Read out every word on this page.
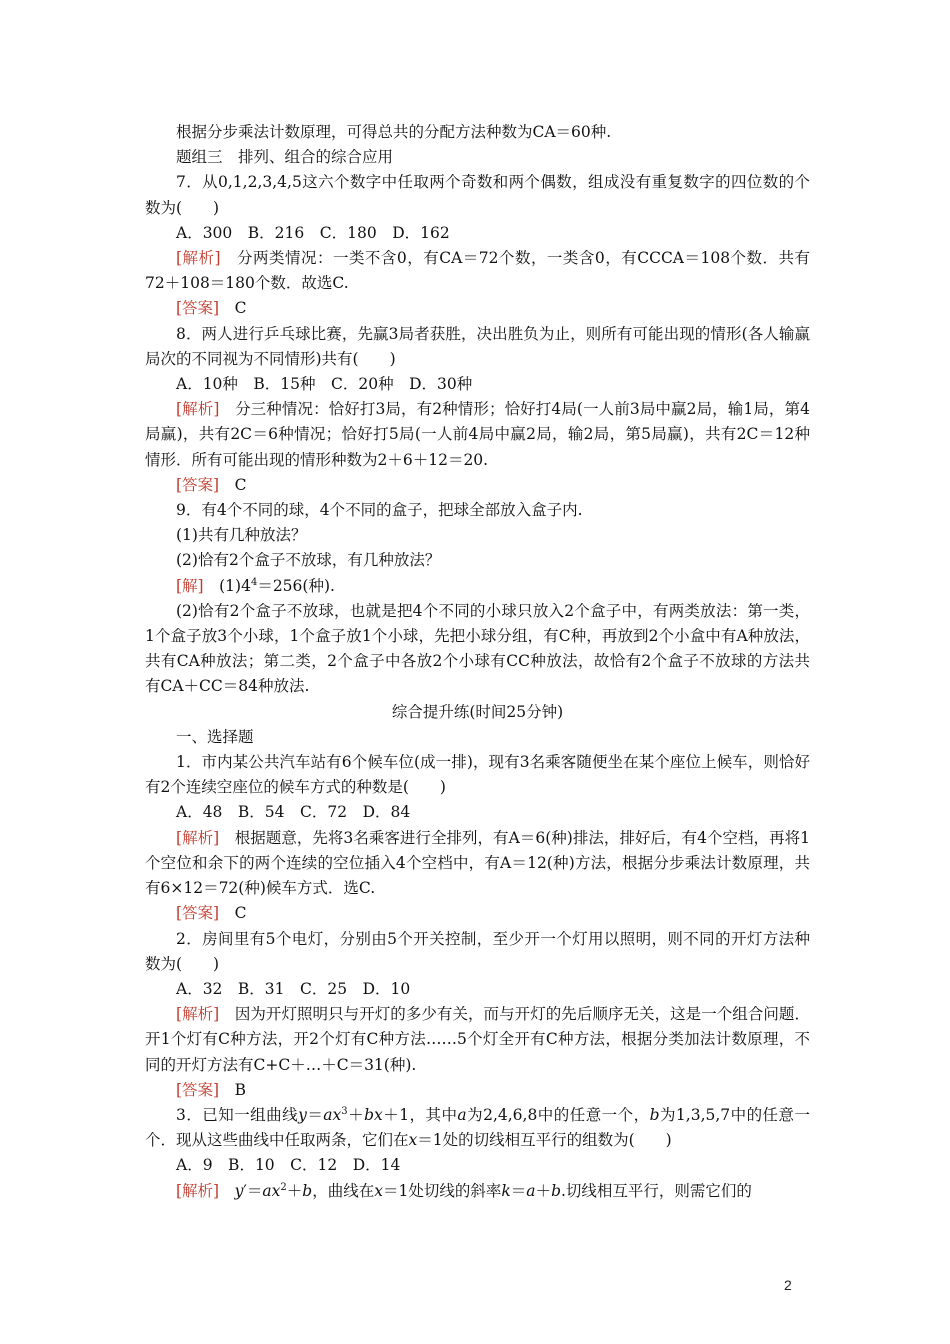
根据分步乘法计数原理，可得总共的分配方法种数为CA＝60种.

题组三　排列、组合的综合应用

7．从0,1,2,3,4,5这六个数字中任取两个奇数和两个偶数，组成没有重复数字的四位数的个数为(　　)

A．300　B．216　C．180　D．162

[解析]　分两类情况：一类不含0，有CA＝72个数，一类含0，有CCCA＝108个数．共有72＋108＝180个数．故选C.

[答案]　C

8．两人进行乒乓球比赛，先赢3局者获胜，决出胜负为止，则所有可能出现的情形(各人输赢局次的不同视为不同情形)共有(　　)

A．10种　B．15种　C．20种　D．30种

[解析]　分三种情况：恰好打3局，有2种情形；恰好打4局(一人前3局中赢2局，输1局，第4局赢)，共有2C＝6种情况；恰好打5局(一人前4局中赢2局，输2局，第5局赢)，共有2C＝12种情形．所有可能出现的情形种数为2＋6＋12＝20.

[答案]　C

9．有4个不同的球，4个不同的盒子，把球全部放入盒子内.

(1)共有几种放法？

(2)恰有2个盒子不放球，有几种放法？

[解]　$(1)4^4=256$(种).

(2)恰有2个盒子不放球，也就是把4个不同的小球只放入2个盒子中，有两类放法：第一类，1个盒子放3个小球，1个盒子放1个小球，先把小球分组，有C种，再放到2个小盒中有A种放法，共有CA种放法；第二类，2个盒子中各放2个小球有CC种放法，故恰有2个盒子不放球的方法共有CA＋CC＝84种放法.

综合提升练(时间25分钟)

一、选择题

1．市内某公共汽车站有6个候车位(成一排)，现有3名乘客随便坐在某个座位上候车，则恰好有2个连续空座位的候车方式的种数是(　　)

A．48　B．54　C．72　D．84

[解析]　根据题意，先将3名乘客进行全排列，有A＝6(种)排法，排好后，有4个空档，再将1个空位和余下的两个连续的空位插入4个空档中，有A＝12(种)方法，根据分步乘法计数原理，共有6×12＝72(种)候车方式．选C.

[答案]　C

2．房间里有5个电灯，分别由5个开关控制，至少开一个灯用以照明，则不同的开灯方法种数为(　　)

A．32　B．31　C．25　D．10

[解析]　因为开灯照明只与开灯的多少有关，而与开灯的先后顺序无关，这是一个组合问题．开1个灯有C种方法，开2个灯有C种方法……5个灯全开有C种方法，根据分类加法计数原理，不同的开灯方法有C+C＋…＋C＝31(种).

[答案]　B

3．已知一组曲线$y=ax^3+bx+1$，其中a为2,4,6,8中的任意一个，b为1,3,5,7中的任意一个．现从这些曲线中任取两条，它们在x＝1处的切线相互平行的组数为(　　)

A．9　B．10　C．12　D．14

[解析]　 $y'=ax^2+b$，曲线在x＝1处切线的斜率k＝a＋b.切线相互平行，则需它们的

2
